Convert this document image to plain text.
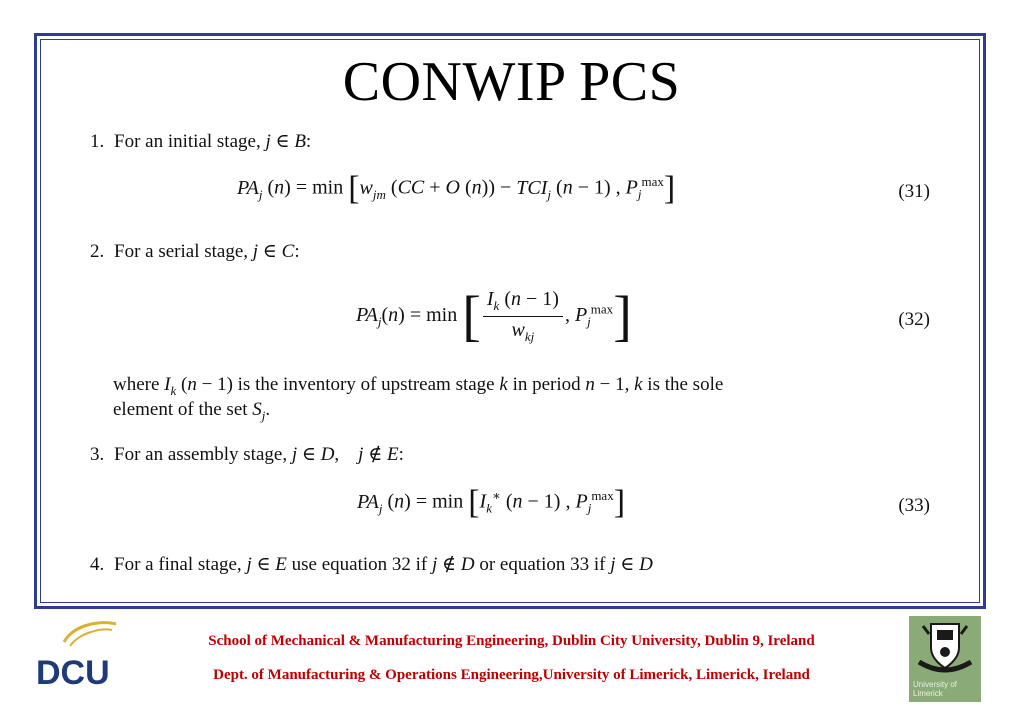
CONWIP PCS
1. For an initial stage, j ∈ B:
$PA_j$ $(n) = \min [w_{jm}$ (CC + O $(n)) - TCI_j$ (n − 1) , $P_j^{max}$]	(31)
2. For a serial stage, j ∈ C:
$PA_j(n) = \min$ [ $\frac{I_k (n - 1)}{w_{kj}}$ , $P_j^{max}$]	(32)
where $I_k$ (n − 1) is the inventory of upstream stage k in period n − 1, k is the sole
element of the set $S_j$.
3. For an assembly stage, j ∈ D,    j ∉ E:
$PA_j$ $(n) = \min [I_k^∗$ (n − 1) , $P_j^{max}$]	(33)
4. For a final stage, j ∈ E use equation 32 if j ∉ D or equation 33 if j ∈ D
DCU
School of Mechanical & Manufacturing Engineering, Dublin City University, Dublin 9, Ireland
Dept. of Manufacturing & Operations Engineering,University of Limerick, Limerick, Ireland
University of Limerick
